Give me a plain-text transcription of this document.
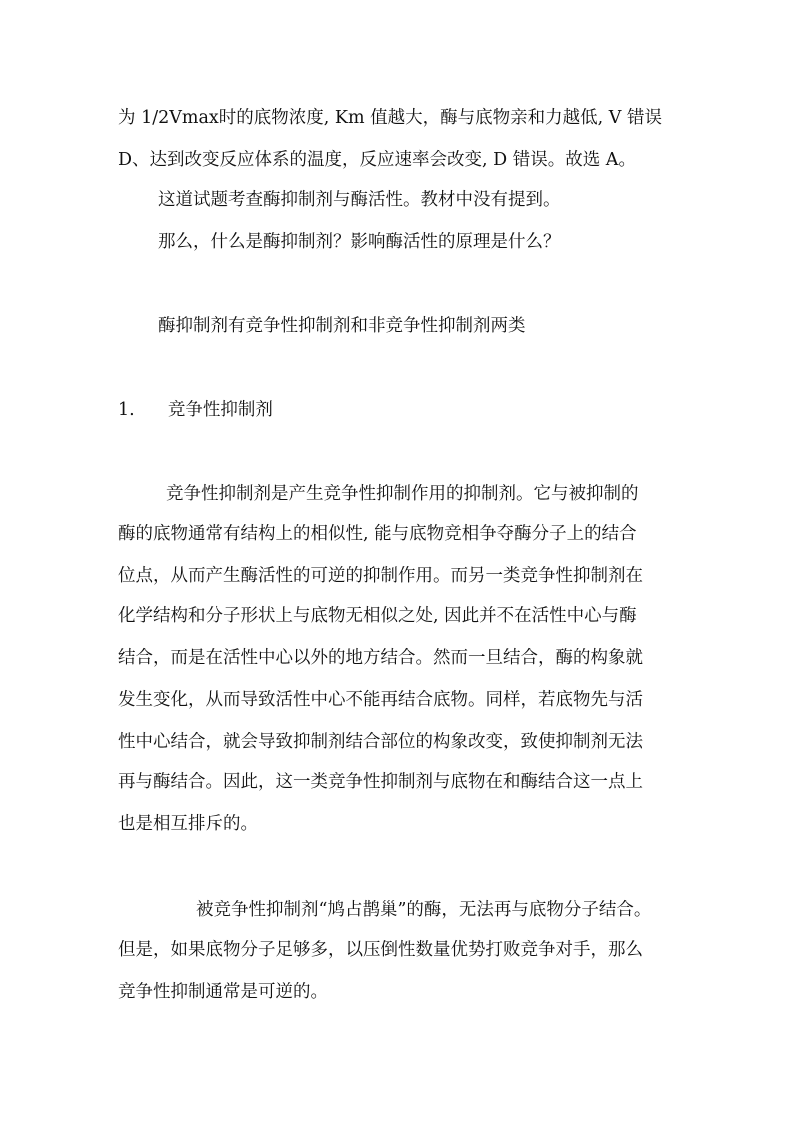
为 1/2Vmax时的底物浓度, Km 值越大，酶与底物亲和力越低, V 错误
D、达到改变反应体系的温度，反应速率会改变, D 错误。故选 A。
这道试题考查酶抑制剂与酶活性。教材中没有提到。
那么，什么是酶抑制剂？影响酶活性的原理是什么？
酶抑制剂有竞争性抑制剂和非竞争性抑制剂两类
1. 竞争性抑制剂
竞争性抑制剂是产生竞争性抑制作用的抑制剂。它与被抑制的
酶的底物通常有结构上的相似性, 能与底物竞相争夺酶分子上的结合
位点，从而产生酶活性的可逆的抑制作用。而另一类竞争性抑制剂在
化学结构和分子形状上与底物无相似之处, 因此并不在活性中心与酶
结合，而是在活性中心以外的地方结合。然而一旦结合，酶的构象就
发生变化，从而导致活性中心不能再结合底物。同样，若底物先与活
性中心结合，就会导致抑制剂结合部位的构象改变，致使抑制剂无法
再与酶结合。因此，这一类竞争性抑制剂与底物在和酶结合这一点上
也是相互排斥的。
被竞争性抑制剂“鸠占鹊巢”的酶，无法再与底物分子结合。
但是，如果底物分子足够多，以压倒性数量优势打败竞争对手，那么
竞争性抑制通常是可逆的。
